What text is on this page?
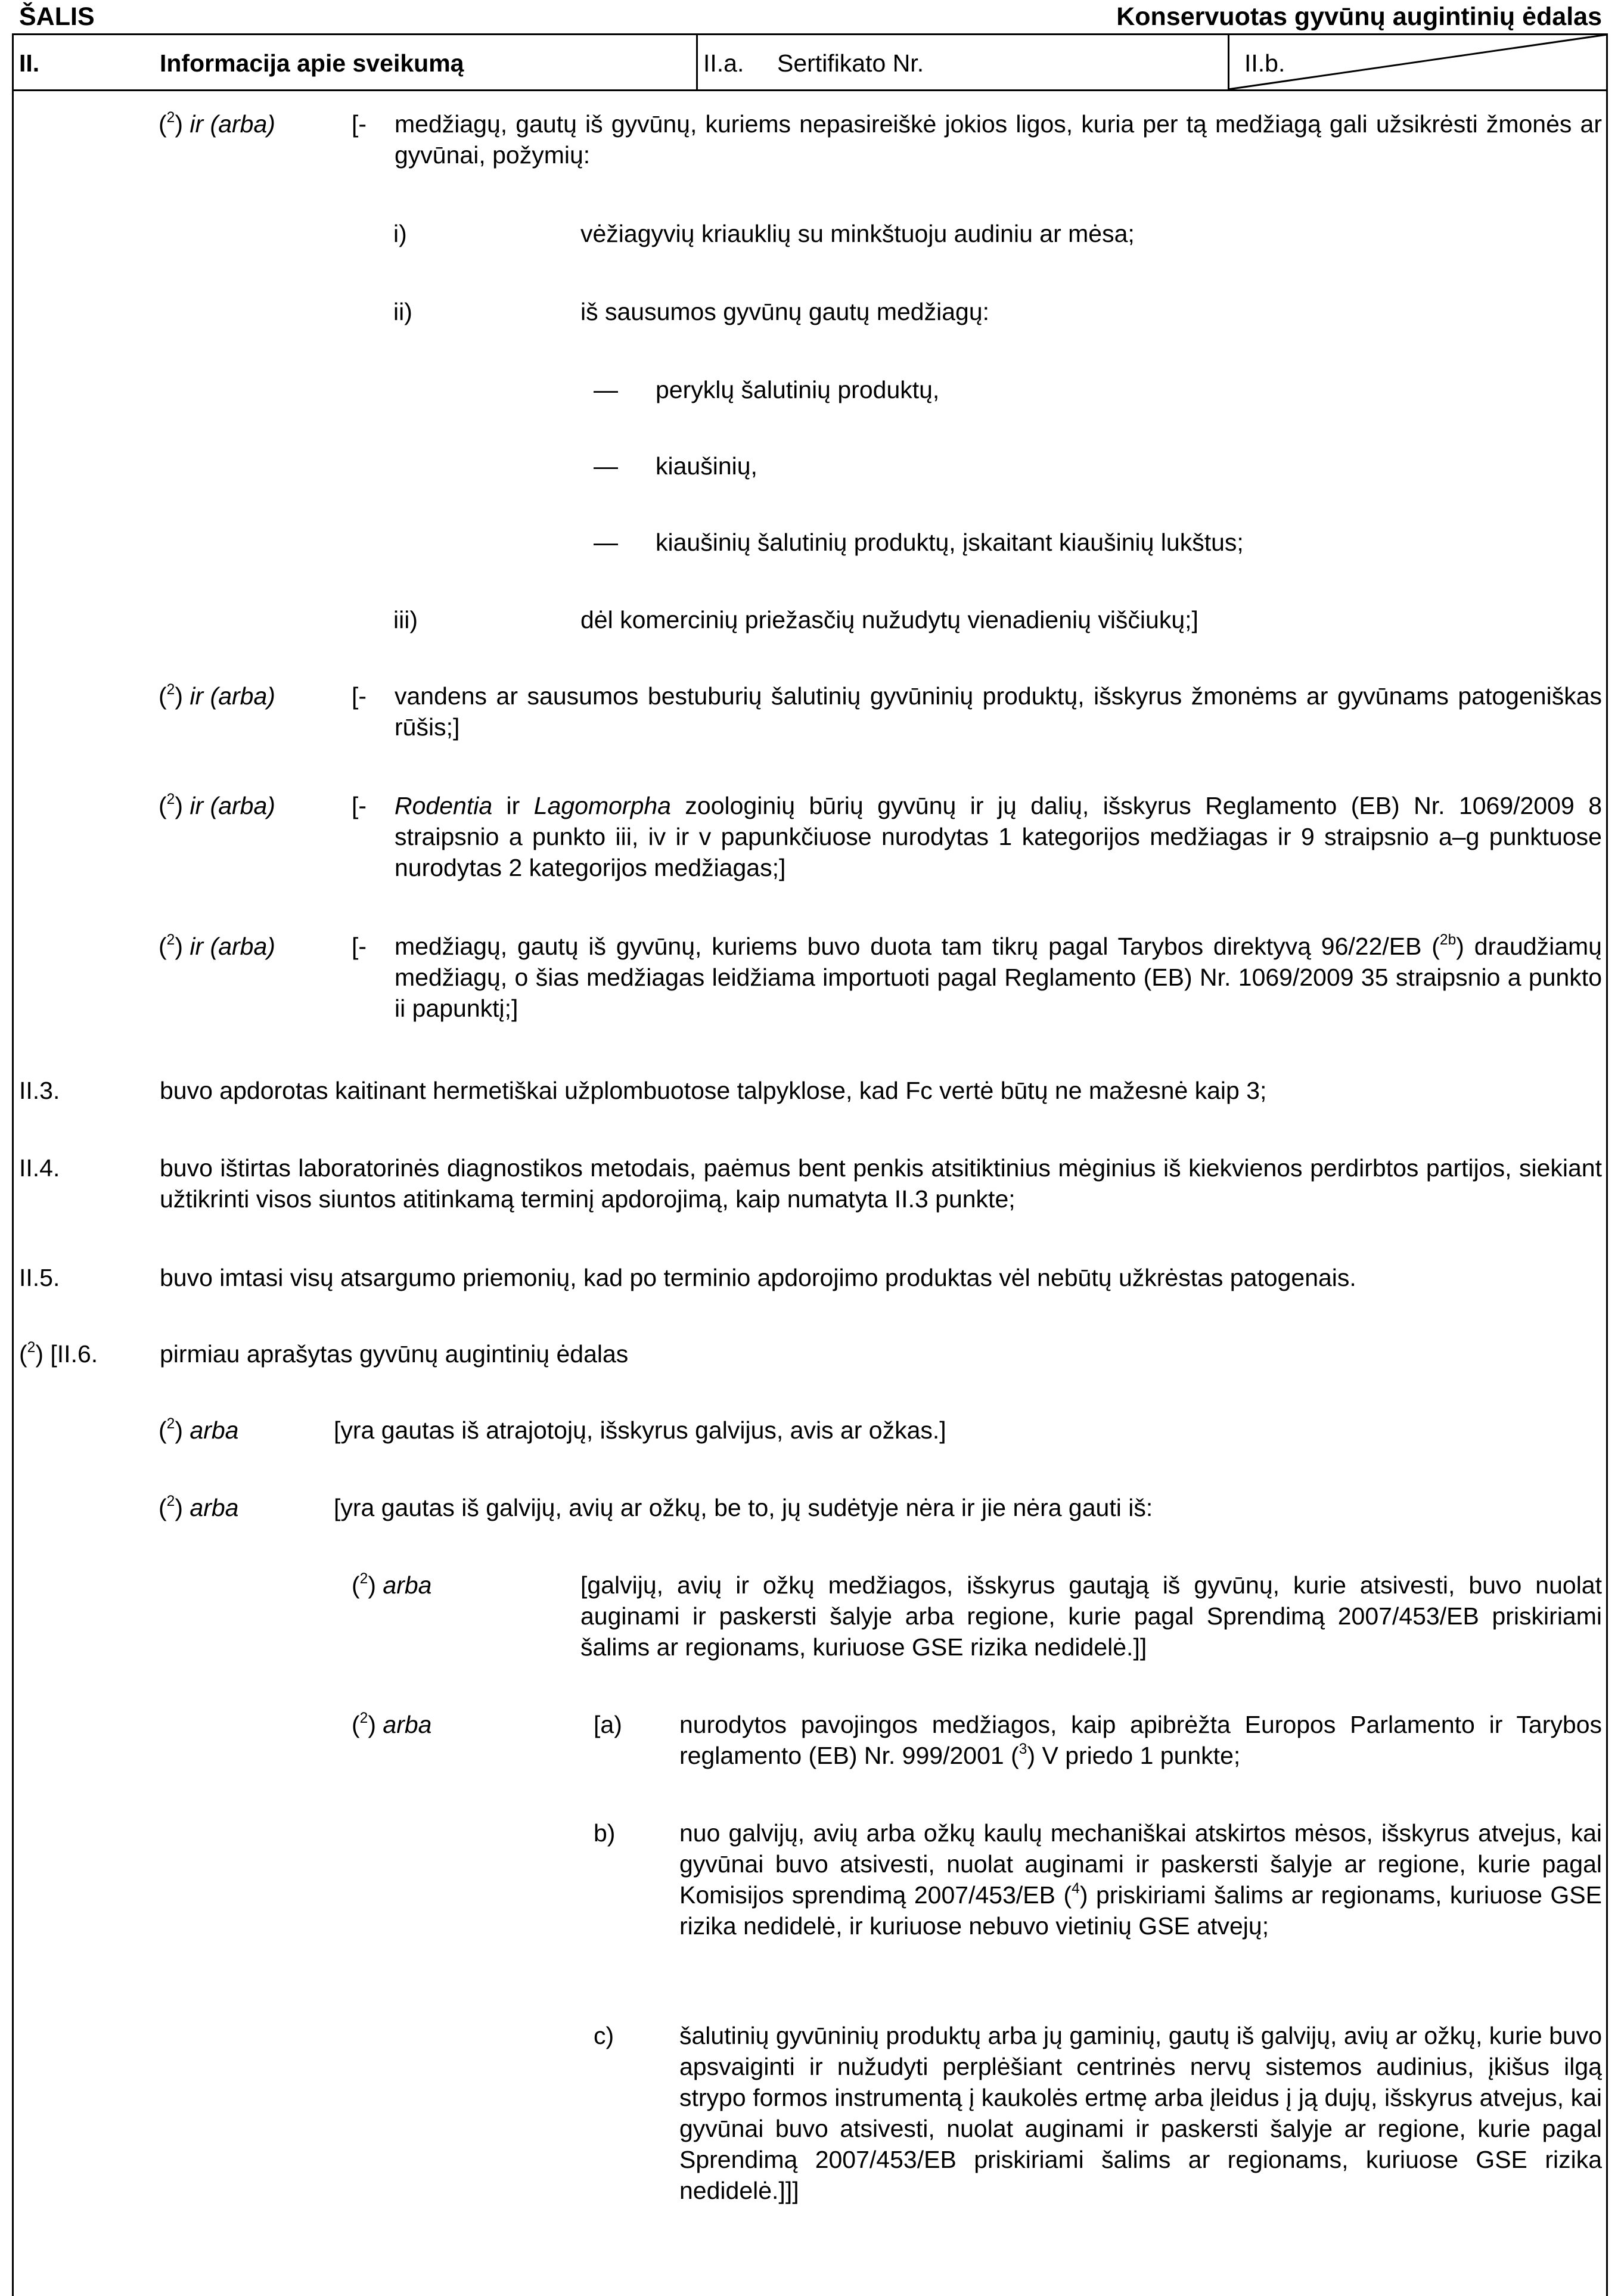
ŠALIS	Konservuotas gyvūnų augintinių ėdalas
II.	Informacija apie sveikumą	II.a. Sertifikato Nr.	II.b.
($^2$) ir (arba)	[- medžiagų, gautų iš gyvūnų, kuriems nepasireiškė jokios ligos, kuria per tą medžiagą gali užsikrėsti žmonės ar gyvūnai, požymių:
i)	vėžiagyvių kriauklių su minkštuoju audiniu ar mėsa;
ii)	iš sausumos gyvūnų gautų medžiagų:
— peryklų šalutinių produktų,
— kiaušinių,
— kiaušinių šalutinių produktų, įskaitant kiaušinių lukštus;
iii)	dėl komercinių priežasčių nužudytų vienadienių viščiukų;]
($^2$) ir (arba)	[- vandens ar sausumos bestuburių šalutinių gyvūninių produktų, išskyrus žmonėms ar gyvūnams patogeniškas rūšis;]
($^2$) ir (arba)	[- Rodentia ir Lagomorpha zoologinių būrių gyvūnų ir jų dalių, išskyrus Reglamento (EB) Nr. 1069/2009 8 straipsnio a punkto iii, iv ir v papunkčiuose nurodytas 1 kategorijos medžiagas ir 9 straipsnio a–g punktuose nurodytas 2 kategorijos medžiagas;]
($^2$) ir (arba)	[- medžiagų, gautų iš gyvūnų, kuriems buvo duota tam tikrų pagal Tarybos direktyvą 96/22/EB ($^{2b}$) draudžiamų medžiagų, o šias medžiagas leidžiama importuoti pagal Reglamento (EB) Nr. 1069/2009 35 straipsnio a punkto ii papunktį;]
II.3.	buvo apdorotas kaitinant hermetiškai užplombuotose talpyklose, kad Fc vertė būtų ne mažesnė kaip 3;
II.4.	buvo ištirtas laboratorinės diagnostikos metodais, paėmus bent penkis atsitiktinius mėginius iš kiekvienos perdirbtos partijos, siekiant užtikrinti visos siuntos atitinkamą terminį apdorojimą, kaip numatyta II.3 punkte;
II.5.	buvo imtasi visų atsargumo priemonių, kad po terminio apdorojimo produktas vėl nebūtų užkrėstas patogenais.
($^2$) [II.6.	pirmiau aprašytas gyvūnų augintinių ėdalas
($^2$) arba	[yra gautas iš atrajotojų, išskyrus galvijus, avis ar ožkas.]
($^2$) arba	[yra gautas iš galvijų, avių ar ožkų, be to, jų sudėtyje nėra ir jie nėra gauti iš:
($^2$) arba	[galvijų, avių ir ožkų medžiagos, išskyrus gautąją iš gyvūnų, kurie atsivesti, buvo nuolat auginami ir paskersti šalyje arba regione, kurie pagal Sprendimą 2007/453/EB priskiriami šalims ar regionams, kuriuose GSE rizika nedidelė.]]
($^2$) arba	[a) nurodytos pavojingos medžiagos, kaip apibrėžta Europos Parlamento ir Tarybos reglamento (EB) Nr. 999/2001 ($^3$) V priedo 1 punkte;
b)	nuo galvijų, avių arba ožkų kaulų mechaniškai atskirtos mėsos, išskyrus atvejus, kai gyvūnai buvo atsivesti, nuolat auginami ir paskersti šalyje ar regione, kurie pagal Komisijos sprendimą 2007/453/EB ($^4$) priskiriami šalims ar regionams, kuriuose GSE rizika nedidelė, ir kuriuose nebuvo vietinių GSE atvejų;
c)	šalutinių gyvūninių produktų arba jų gaminių, gautų iš galvijų, avių ar ožkų, kurie buvo apsvaiginti ir nužudyti perplėšiant centrinės nervų sistemos audinius, įkišus ilgą strypo formos instrumentą į kaukolės ertmę arba įleidus į ją dujų, išskyrus atvejus, kai gyvūnai buvo atsivesti, nuolat auginami ir paskersti šalyje ar regione, kurie pagal Sprendimą 2007/453/EB priskiriami šalims ar regionams, kuriuose GSE rizika nedidelė.]]]
